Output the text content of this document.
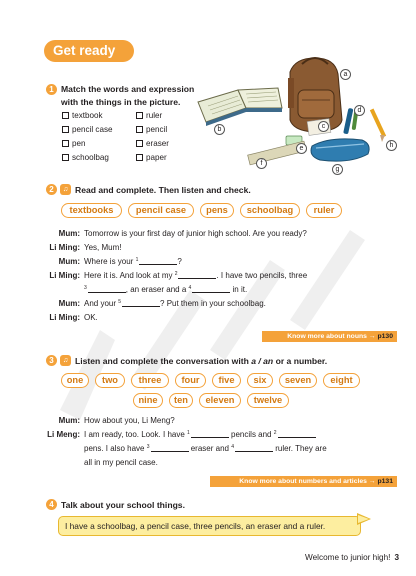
Get ready
1 Match the words and expression
with the things in the picture.
textbook
pencil case
pen
schoolbag
ruler
pencil
eraser
paper
a
b	c
d
e
f
g
h
2	♫ Read and complete. Then listen and check.
textbooks	pencil case	pens	schoolbag	ruler
Mum: Tomorrow is your first day of junior high school. Are you ready?
Li Ming: Yes, Mum!
Mum: Where is your $^1$	?
Li Ming: Here it is. And look at my $^2$	. I have two pencils, three
$^3$	, an eraser and a $^4$	in it.
Mum: And your $^5$	? Put them in your schoolbag.
Li Ming: OK.
Know more about nouns → p130
3	♫ Listen and complete the conversation with a / an or a number.
one	two	three	four	five	six	seven	eight
nine	ten	eleven	twelve
Mum: How about you, Li Meng?
Li Meng: I am ready, too. Look. I have $^1$	pencils and $^2$
pens. I also have $^3$	eraser and $^4$	ruler. They are
all in my pencil case.
Know more about numbers and articles → p131
4 Talk about your school things.
I have a schoolbag, a pencil case, three pencils, an eraser and a ruler.
Welcome to junior high! 3
